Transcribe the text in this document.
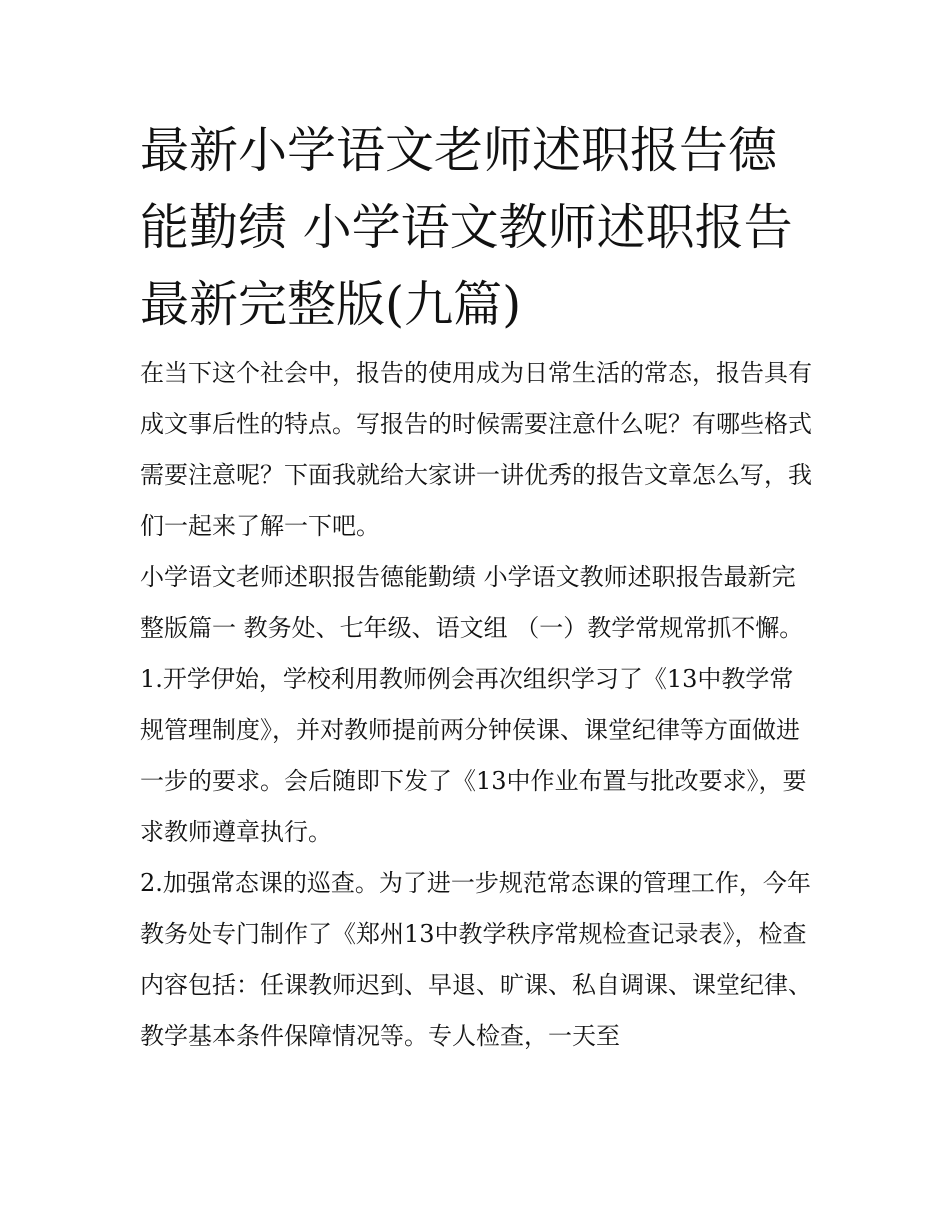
最新小学语文老师述职报告德能勤绩 小学语文教师述职报告最新完整版(九篇)

在当下这个社会中，报告的使用成为日常生活的常态，报告具有成文事后性的特点。写报告的时候需要注意什么呢？有哪些格式需要注意呢？下面我就给大家讲一讲优秀的报告文章怎么写，我们一起来了解一下吧。

小学语文老师述职报告德能勤绩 小学语文教师述职报告最新完整版篇一 教务处、七年级、语文组 （一）教学常规常抓不懈。

1.开学伊始，学校利用教师例会再次组织学习了《13中教学常规管理制度》，并对教师提前两分钟侯课、课堂纪律等方面做进一步的要求。会后随即下发了《13中作业布置与批改要求》，要求教师遵章执行。

2.加强常态课的巡查。为了进一步规范常态课的管理工作，今年教务处专门制作了《郑州13中教学秩序常规检查记录表》，检查内容包括：任课教师迟到、早退、旷课、私自调课、课堂纪律、教学基本条件保障情况等。专人检查，一天至
